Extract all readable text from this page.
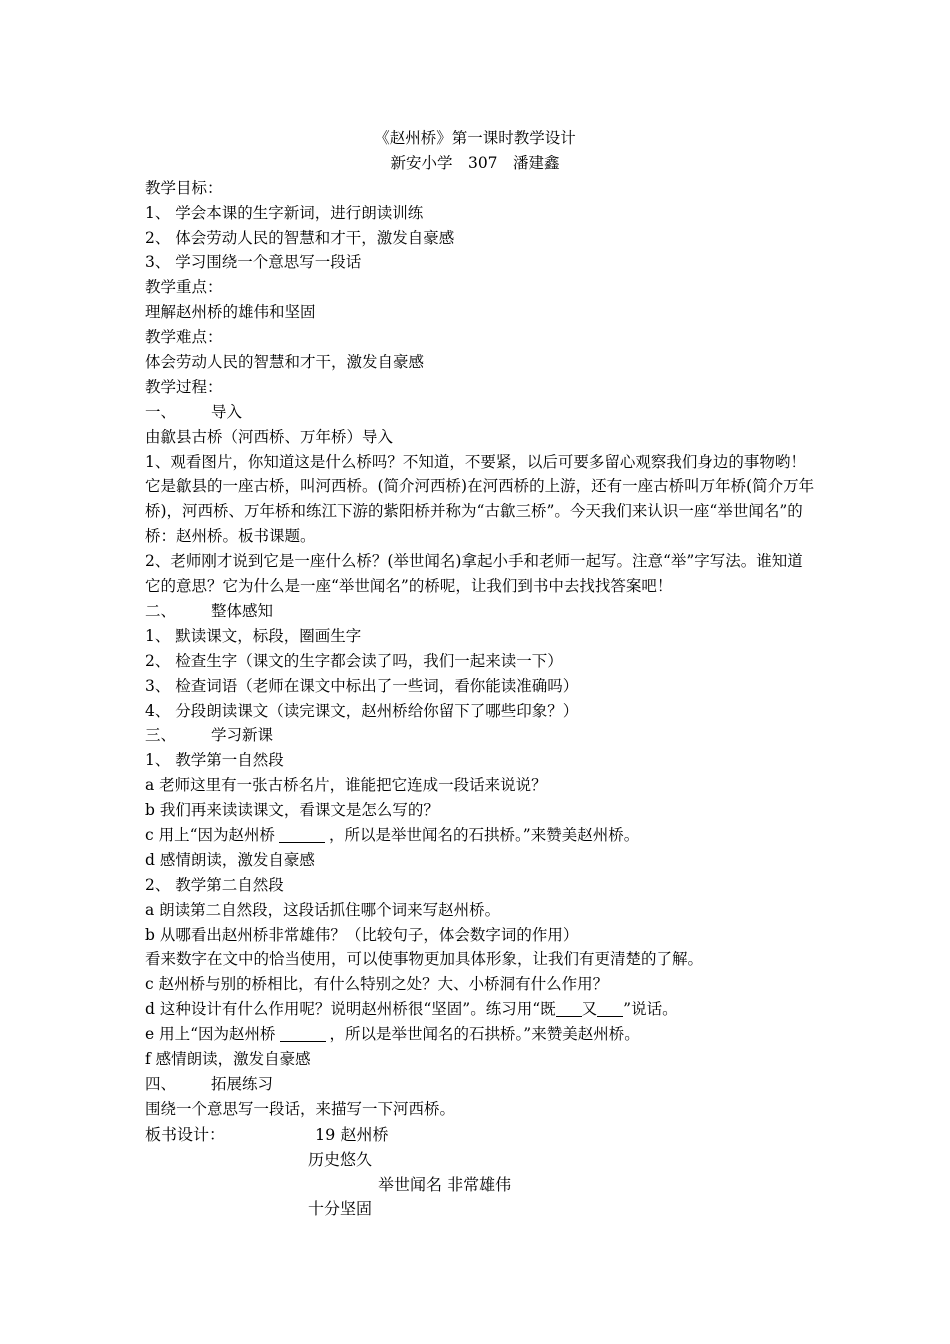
《赵州桥》第一课时教学设计
新安小学　307　潘建鑫
教学目标：
1、 学会本课的生字新词，进行朗读训练
2、 体会劳动人民的智慧和才干，激发自豪感
3、 学习围绕一个意思写一段话
教学重点：
理解赵州桥的雄伟和坚固
教学难点：
体会劳动人民的智慧和才干，激发自豪感
教学过程：
一、 导入
由歙县古桥（河西桥、万年桥）导入
1、观看图片，你知道这是什么桥吗？不知道，不要紧，以后可要多留心观察我们身边的事物哟！它是歙县的一座古桥，叫河西桥。(简介河西桥)在河西桥的上游，还有一座古桥叫万年桥(简介万年桥)，河西桥、万年桥和练江下游的紫阳桥并称为“古歙三桥”。今天我们来认识一座“举世闻名”的桥：赵州桥。板书课题。
2、老师刚才说到它是一座什么桥？(举世闻名)拿起小手和老师一起写。注意“举”字写法。谁知道它的意思？它为什么是一座“举世闻名”的桥呢，让我们到书中去找找答案吧！
二、 整体感知
1、 默读课文，标段，圈画生字
2、 检查生字（课文的生字都会读了吗，我们一起来读一下）
3、 检查词语（老师在课文中标出了一些词，看你能读准确吗）
4、 分段朗读课文（读完课文，赵州桥给你留下了哪些印象？）
三、 学习新课
1、 教学第一自然段
a 老师这里有一张古桥名片，谁能把它连成一段话来说说？
b 我们再来读读课文，看课文是怎么写的？
c 用上“因为赵州桥	，所以是举世闻名的石拱桥。”来赞美赵州桥。
d 感情朗读，激发自豪感
2、 教学第二自然段
a 朗读第二自然段，这段话抓住哪个词来写赵州桥。
b 从哪看出赵州桥非常雄伟？（比较句子，体会数字词的作用）
看来数字在文中的恰当使用，可以使事物更加具体形象，让我们有更清楚的了解。
c 赵州桥与别的桥相比，有什么特别之处？大、小桥洞有什么作用？
d 这种设计有什么作用呢？说明赵州桥很“坚固”。练习用“既 又 ”说话。
e 用上“因为赵州桥	，所以是举世闻名的石拱桥。”来赞美赵州桥。
f 感情朗读，激发自豪感
四、 拓展练习
围绕一个意思写一段话，来描写一下河西桥。
板书设计：	19 赵州桥
历史悠久
举世闻名 非常雄伟
十分坚固
